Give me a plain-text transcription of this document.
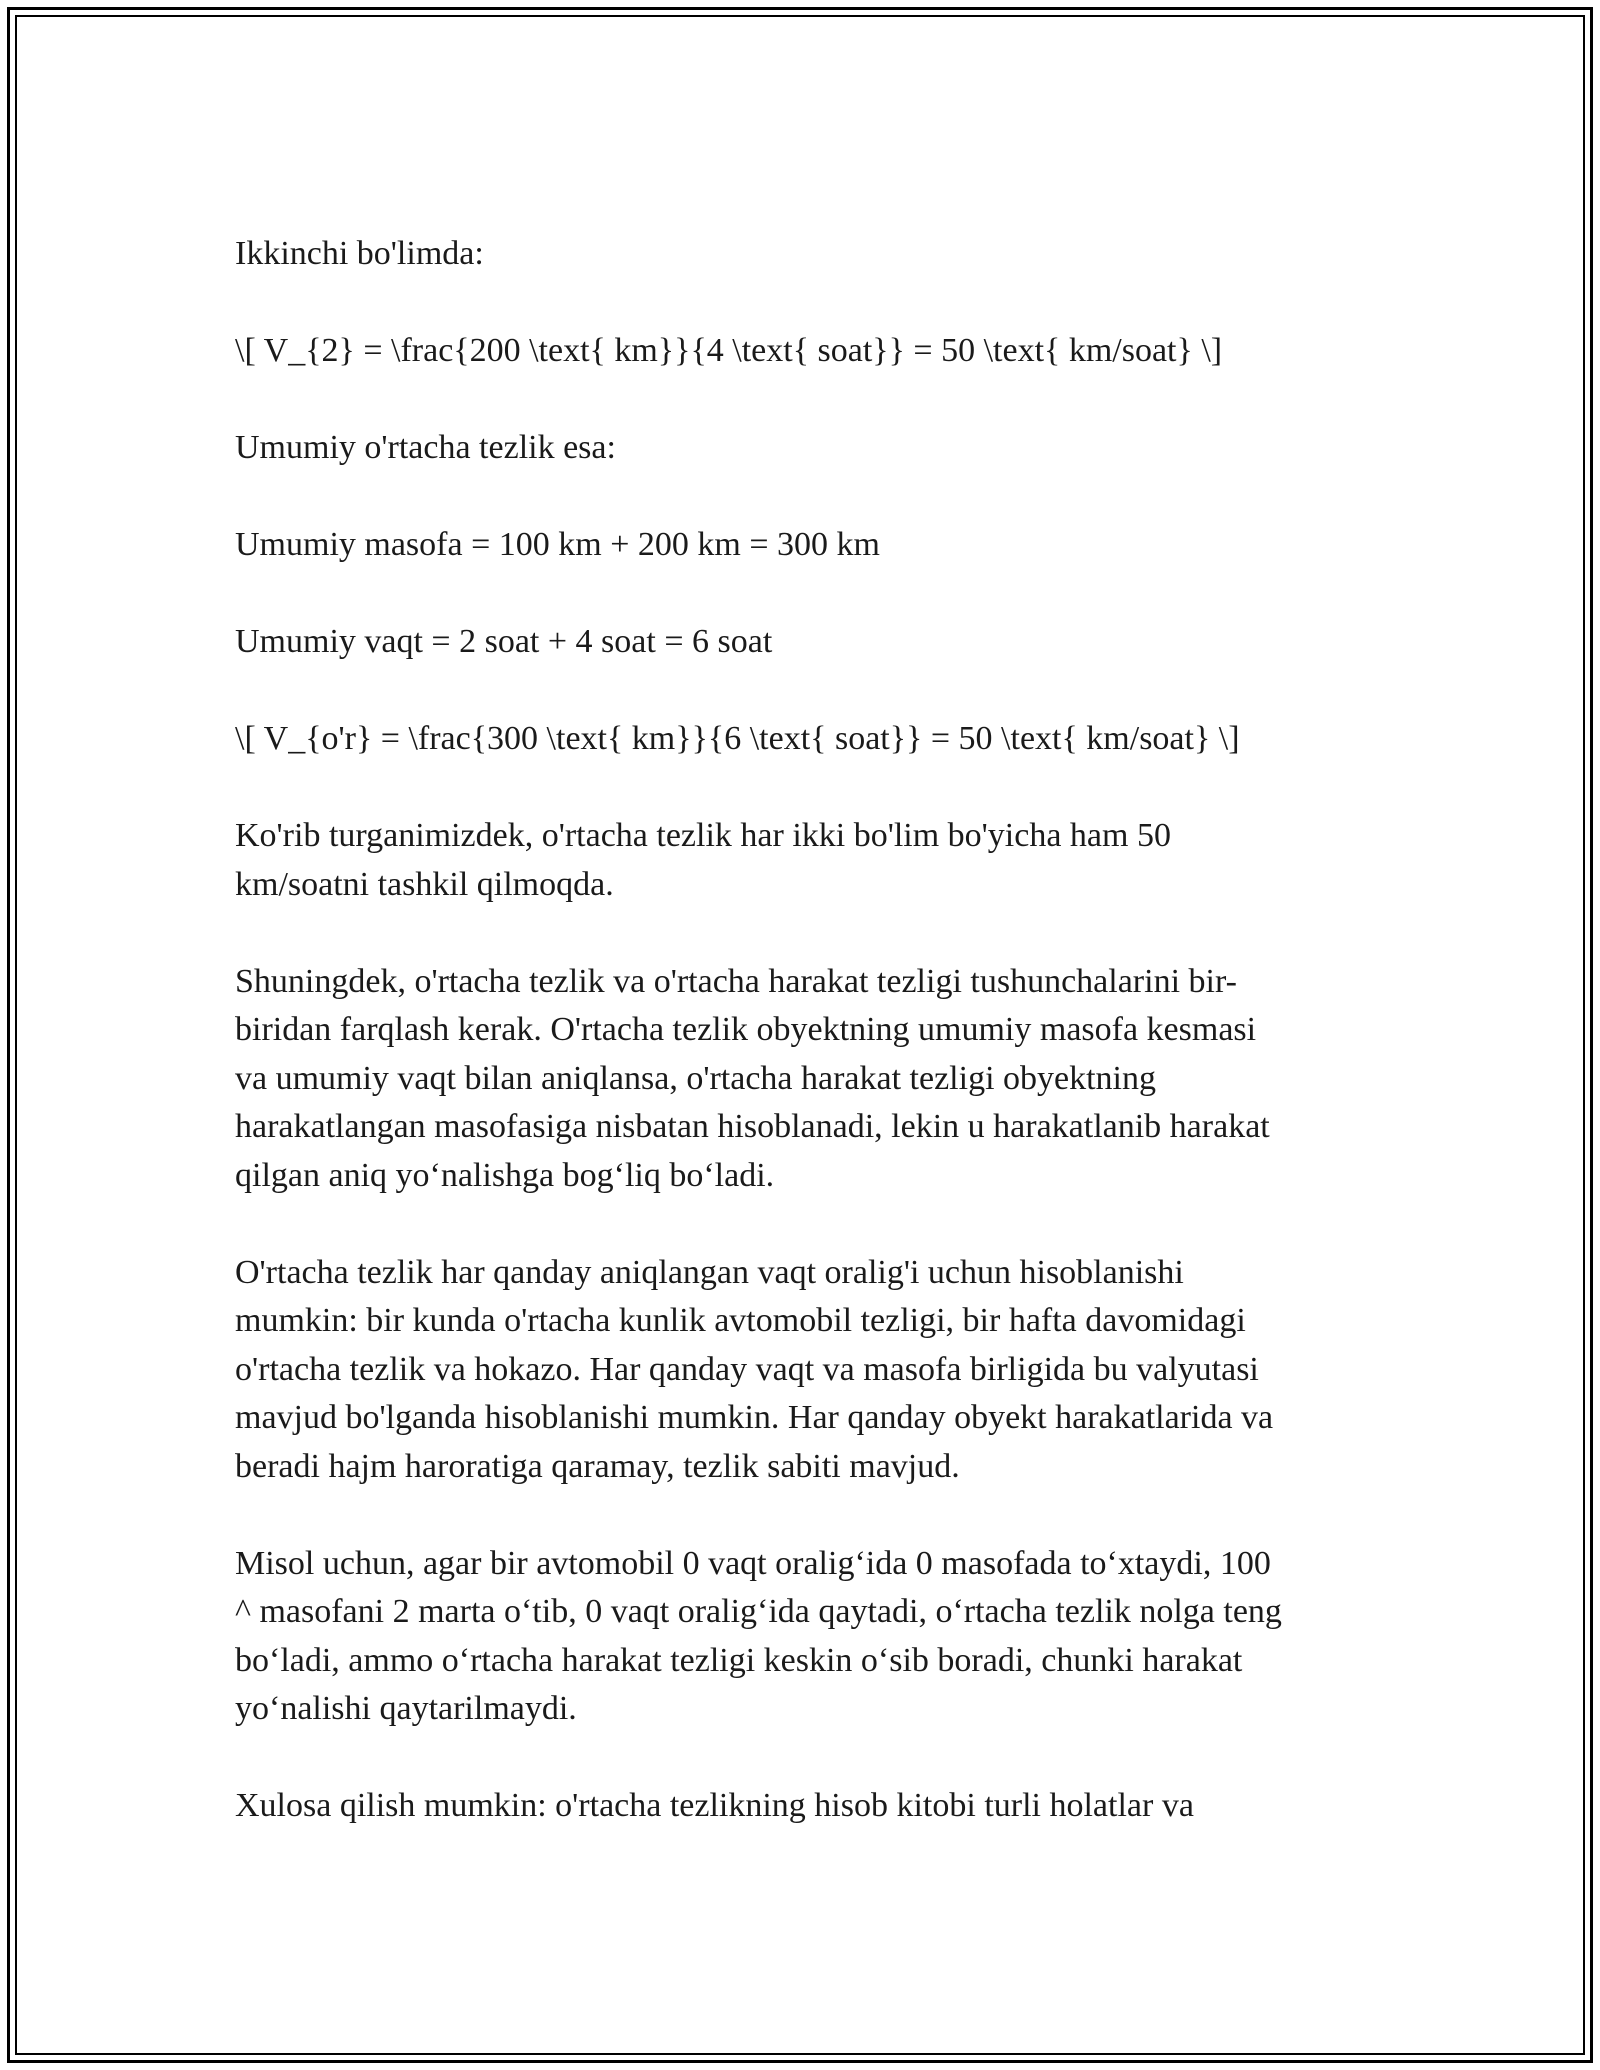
Ikkinchi bo'limda:

\[ V_{2} = \frac{200 \text{ km}}{4 \text{ soat}} = 50 \text{ km/soat} \]

Umumiy o'rtacha tezlik esa:

Umumiy masofa = 100 km + 200 km = 300 km

Umumiy vaqt = 2 soat + 4 soat = 6 soat

\[ V_{o'r} = \frac{300 \text{ km}}{6 \text{ soat}} = 50 \text{ km/soat} \]

Ko'rib turganimizdek, o'rtacha tezlik har ikki bo'lim bo'yicha ham 50
km/soatni tashkil qilmoqda.

Shuningdek, o'rtacha tezlik va o'rtacha harakat tezligi tushunchalarini bir-
biridan farqlash kerak. O'rtacha tezlik obyektning umumiy masofa kesmasi
va umumiy vaqt bilan aniqlansa, o'rtacha harakat tezligi obyektning
harakatlangan masofasiga nisbatan hisoblanadi, lekin u harakatlanib harakat
qilgan aniq yoʻnalishga bogʻliq boʻladi.

O'rtacha tezlik har qanday aniqlangan vaqt oralig'i uchun hisoblanishi
mumkin: bir kunda o'rtacha kunlik avtomobil tezligi, bir hafta davomidagi
o'rtacha tezlik va hokazo. Har qanday vaqt va masofa birligida bu valyutasi
mavjud bo'lganda hisoblanishi mumkin. Har qanday obyekt harakatlarida va
beradi hajm haroratiga qaramay, tezlik sabiti mavjud.

Misol uchun, agar bir avtomobil 0 vaqt oraligʻida 0 masofada toʻxtaydi, 100
^ masofani 2 marta oʻtib, 0 vaqt oraligʻida qaytadi, oʻrtacha tezlik nolga teng
boʻladi, ammo oʻrtacha harakat tezligi keskin oʻsib boradi, chunki harakat
yoʻnalishi qaytarilmaydi.

Xulosa qilish mumkin: o'rtacha tezlikning hisob kitobi turli holatlar va
